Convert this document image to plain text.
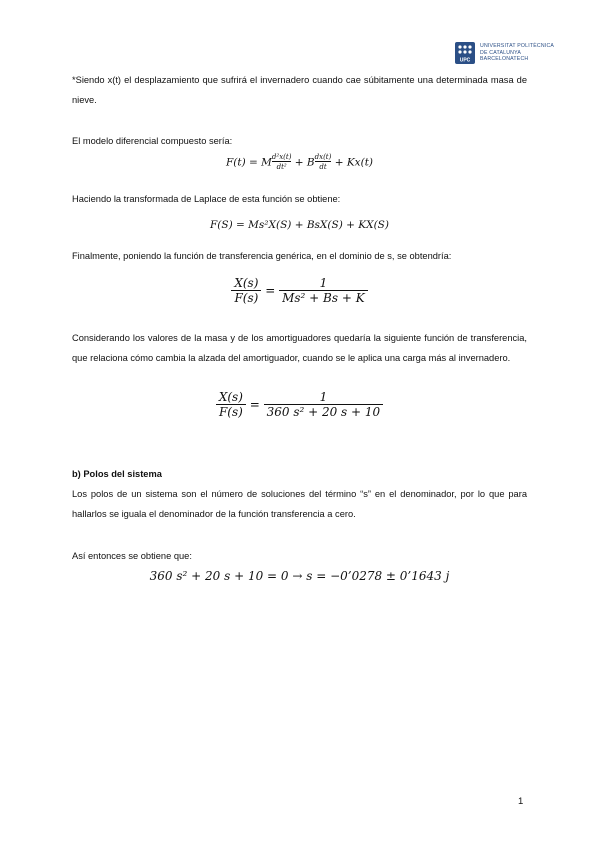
UPC
UNIVERSITAT POLITÈCNICA
DE CATALUNYA
BARCELONATECH
*Siendo x(t) el desplazamiento que sufrirá el invernadero cuando cae súbitamente una determinada masa de nieve.
El modelo diferencial compuesto sería:
F(t) = M $\frac{\text{d²x(t)}}{\text{dt²}} + B \frac{dx(t)}{dt} + Kx(t)$
Haciendo la transformada de Laplace de esta función se obtiene:
F(S) = Ms²X(S) + BsX(S) + KX(S)
Finalmente, poniendo la función de transferencia genérica, en el dominio de s, se obtendría:
$\frac{X(s)}{F(s)} = \frac{1}{\text{Ms² + Bs + K}}$
Considerando los valores de la masa y de los amortiguadores quedaría la siguiente función de transferencia, que relaciona cómo cambia la alzada del amortiguador, cuando se le aplica una carga más al invernadero.
$\frac{X(s)}{F(s)} = \frac{1}{\text{360 s² + 20 s + 10}}$
b) Polos del sistema
Los polos de un sistema son el número de soluciones del término “s” en el denominador, por lo que para hallarlos se iguala el denominador de la función transferencia a cero.
Así entonces se obtiene que:
360 s² + 20 s + 10 = 0 → s = −0’0278 ± 0’1643 j
1
